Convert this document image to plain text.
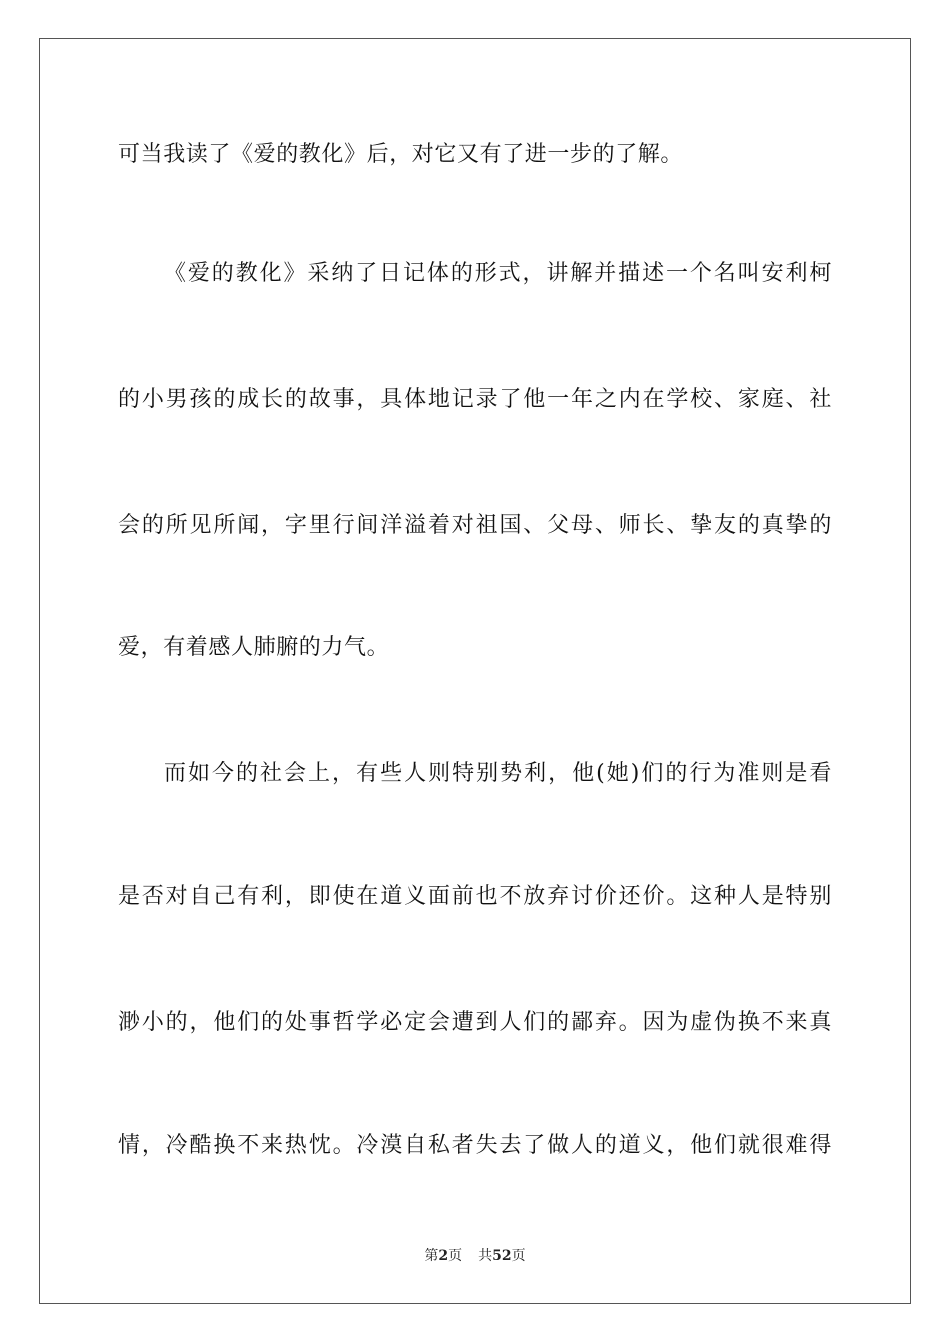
可当我读了《爱的教化》后，对它又有了进一步的了解。
《爱的教化》采纳了日记体的形式，讲解并描述一个名叫安利柯
的小男孩的成长的故事，具体地记录了他一年之内在学校、家庭、社
会的所见所闻，字里行间洋溢着对祖国、父母、师长、挚友的真挚的
爱，有着感人肺腑的力气。
而如今的社会上，有些人则特别势利，他(她)们的行为准则是看
是否对自己有利，即使在道义面前也不放弃讨价还价。这种人是特别
渺小的，他们的处事哲学必定会遭到人们的鄙弃。因为虚伪换不来真
情，冷酷换不来热忱。冷漠自私者失去了做人的道义，他们就很难得
第2页 共52页
